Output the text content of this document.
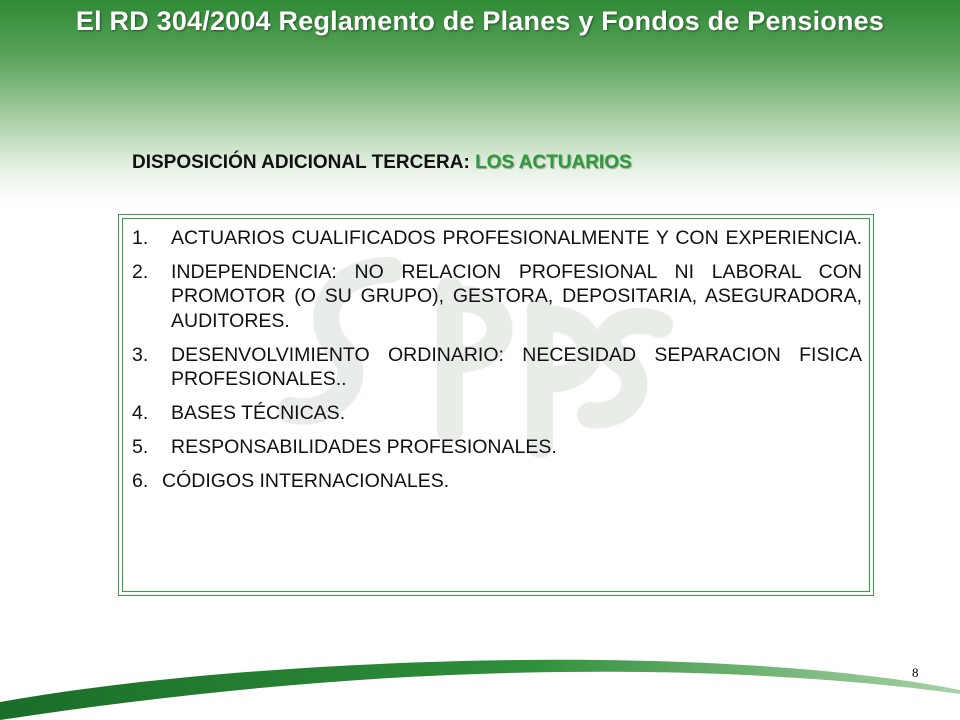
El RD 304/2004 Reglamento de Planes y Fondos de Pensiones
DISPOSICIÓN ADICIONAL TERCERA: LOS ACTUARIOS
1. ACTUARIOS CUALIFICADOS PROFESIONALMENTE Y CON EXPERIENCIA.
2. INDEPENDENCIA: NO RELACION PROFESIONAL NI LABORAL CON PROMOTOR (O SU GRUPO), GESTORA, DEPOSITARIA, ASEGURADORA, AUDITORES.
3. DESENVOLVIMIENTO ORDINARIO: NECESIDAD SEPARACION FISICA PROFESIONALES..
4. BASES TÉCNICAS.
5. RESPONSABILIDADES PROFESIONALES.
6. CÓDIGOS INTERNACIONALES.
8
